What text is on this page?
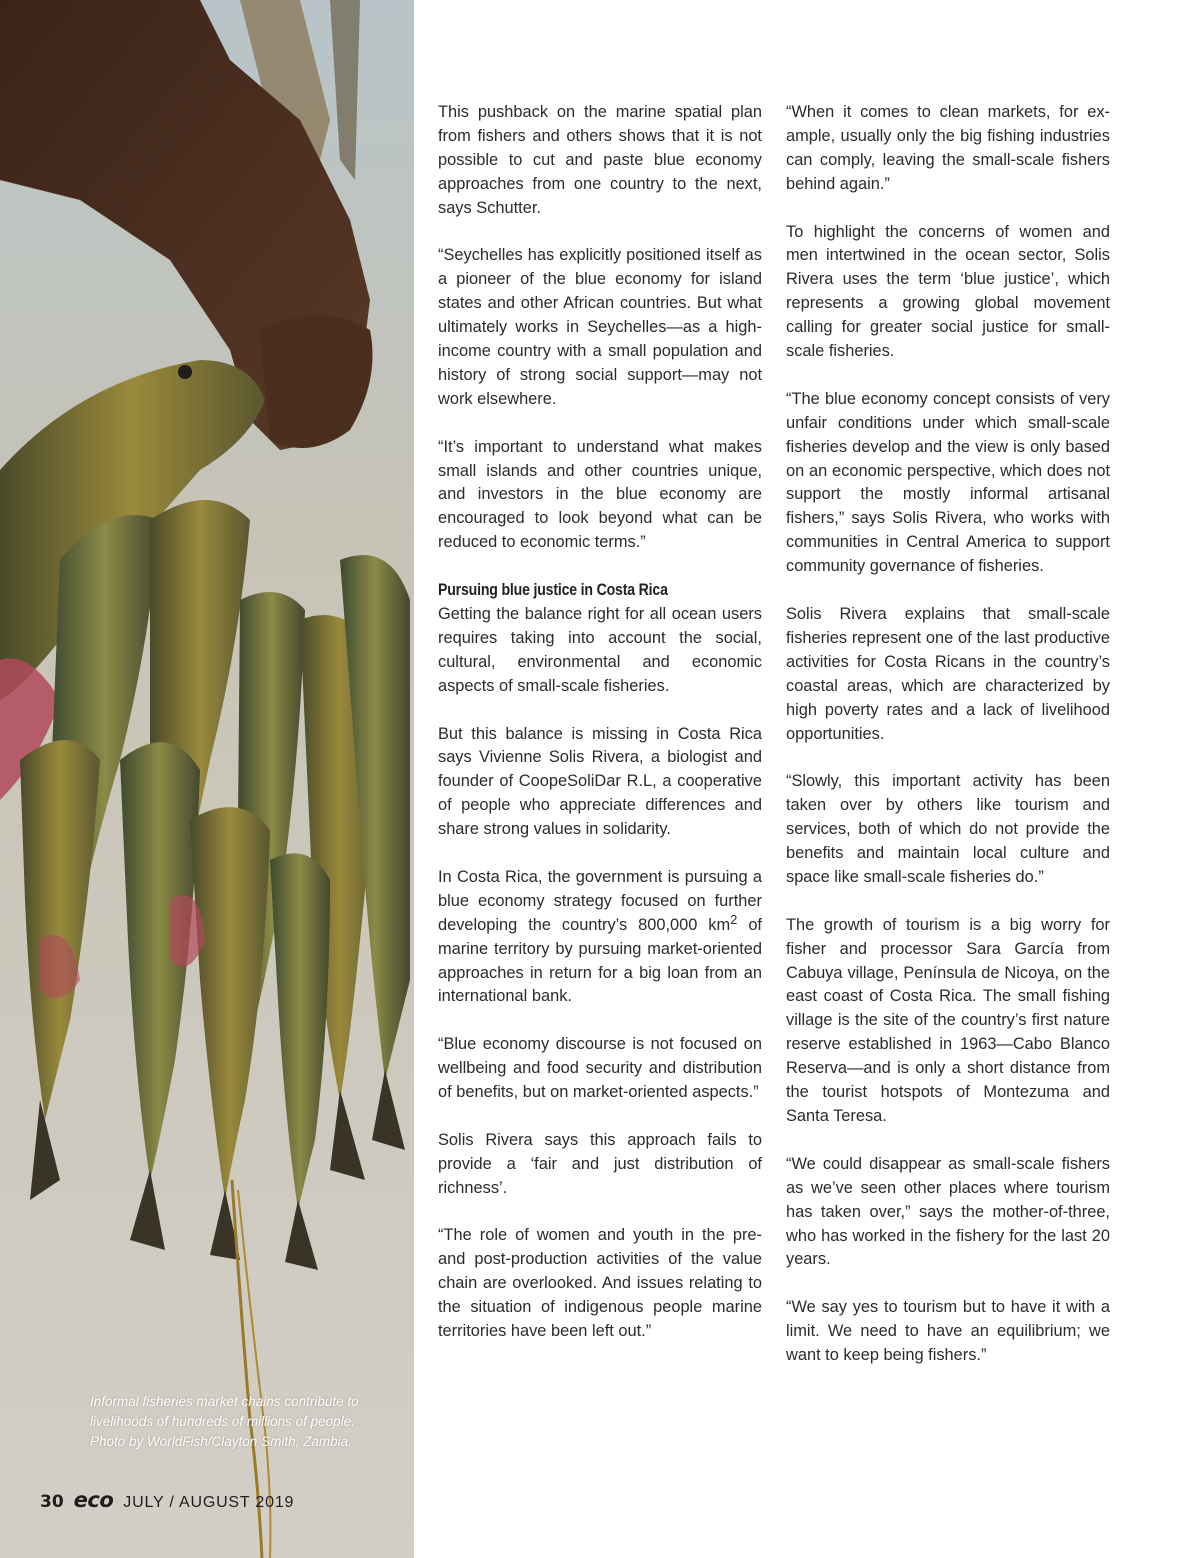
Informal fisheries market chains contribute to
livelihoods of hundreds of millions of people.
Photo by WorldFish/Clayton Smith, Zambia.
30 eco JULY / AUGUST 2019

This pushback on the marine spatial plan from fishers and others shows that it is not possible to cut and paste blue economy approaches from one country to the next, says Schutter.

“Seychelles has explicitly positioned itself as a pioneer of the blue economy for island states and other African countries. But what ultimately works in Seychelles—as a high-income country with a small population and history of strong social support—may not work elsewhere.

“It’s important to understand what makes small islands and other countries unique, and investors in the blue economy are encouraged to look beyond what can be reduced to economic terms.”

Pursuing blue justice in Costa Rica

Getting the balance right for all ocean users requires taking into account the social, cultural, environmental and economic aspects of small-scale fisheries.

But this balance is missing in Costa Rica says Vivienne Solis Rivera, a biologist and founder of CoopeSoliDar R.L, a cooperative of people who appreciate differences and share strong values in solidarity.

In Costa Rica, the government is pursuing a blue economy strategy focused on further developing the country’s 800,000 $km^2$ of marine territory by pursuing market-oriented approaches in return for a big loan from an international bank.

“Blue economy discourse is not focused on wellbeing and food security and distribution of benefits, but on market-oriented aspects.”

Solis Rivera says this approach fails to provide a ‘fair and just distribution of richness’.

“The role of women and youth in the pre- and post-production activities of the value chain are overlooked. And issues relating to the situation of indigenous people marine territories have been left out.”

“When it comes to clean markets, for example, usually only the big fishing industries can comply, leaving the small-scale fishers behind again.”

To highlight the concerns of women and men intertwined in the ocean sector, Solis Rivera uses the term ‘blue justice’, which represents a growing global movement calling for greater social justice for small-scale fisheries.

“The blue economy concept consists of very unfair conditions under which small-scale fisheries develop and the view is only based on an economic perspective, which does not support the mostly informal artisanal fishers,” says Solis Rivera, who works with communities in Central America to support community governance of fisheries.

Solis Rivera explains that small-scale fisheries represent one of the last productive activities for Costa Ricans in the country’s coastal areas, which are characterized by high poverty rates and a lack of livelihood opportunities.

“Slowly, this important activity has been taken over by others like tourism and services, both of which do not provide the benefits and maintain local culture and space like small-scale fisheries do.”

The growth of tourism is a big worry for fisher and processor Sara García from Cabuya village, Península de Nicoya, on the east coast of Costa Rica. The small fishing village is the site of the country’s first nature reserve established in 1963—Cabo Blanco Reserva—and is only a short distance from the tourist hotspots of Montezuma and Santa Teresa.

“We could disappear as small-scale fishers as we’ve seen other places where tourism has taken over,” says the mother-of-three, who has worked in the fishery for the last 20 years.

“We say yes to tourism but to have it with a limit. We need to have an equilibrium; we want to keep being fishers.”
